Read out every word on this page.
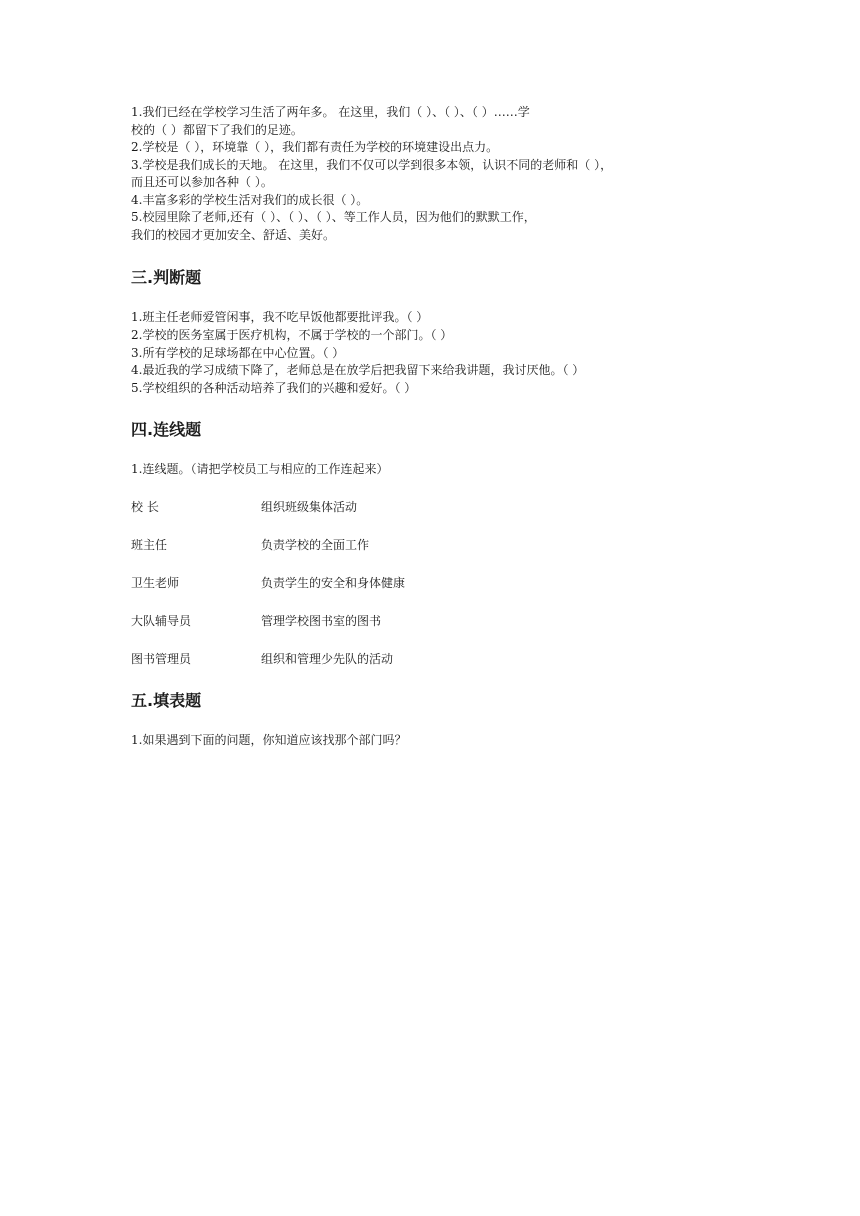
1.我们已经在学校学习生活了两年多。 在这里，我们（ ）、（ ）、（ ）……学
校的（ ）都留下了我们的足迹。
2.学校是（ ），环境靠（ ），我们都有责任为学校的环境建设出点力。
3.学校是我们成长的天地。 在这里，我们不仅可以学到很多本领，认识不同的老师和（ ），
而且还可以参加各种（ ）。
4.丰富多彩的学校生活对我们的成长很（ ）。
5.校园里除了老师,还有（ ）、（ ）、（ ）、等工作人员，因为他们的默默工作，
我们的校园才更加安全、舒适、美好。
三.判断题
1.班主任老师爱管闲事，我不吃早饭他都要批评我。（ ）
2.学校的医务室属于医疗机构，不属于学校的一个部门。（ ）
3.所有学校的足球场都在中心位置。（ ）
4.最近我的学习成绩下降了，老师总是在放学后把我留下来给我讲题，我讨厌他。（ ）
5.学校组织的各种活动培养了我们的兴趣和爱好。（ ）
四.连线题
1.连线题。（请把学校员工与相应的工作连起来）
校 长	组织班级集体活动
班主任	负责学校的全面工作
卫生老师	负责学生的安全和身体健康
大队辅导员	管理学校图书室的图书
图书管理员	组织和管理少先队的活动
五.填表题
1.如果遇到下面的问题，你知道应该找那个部门吗？
